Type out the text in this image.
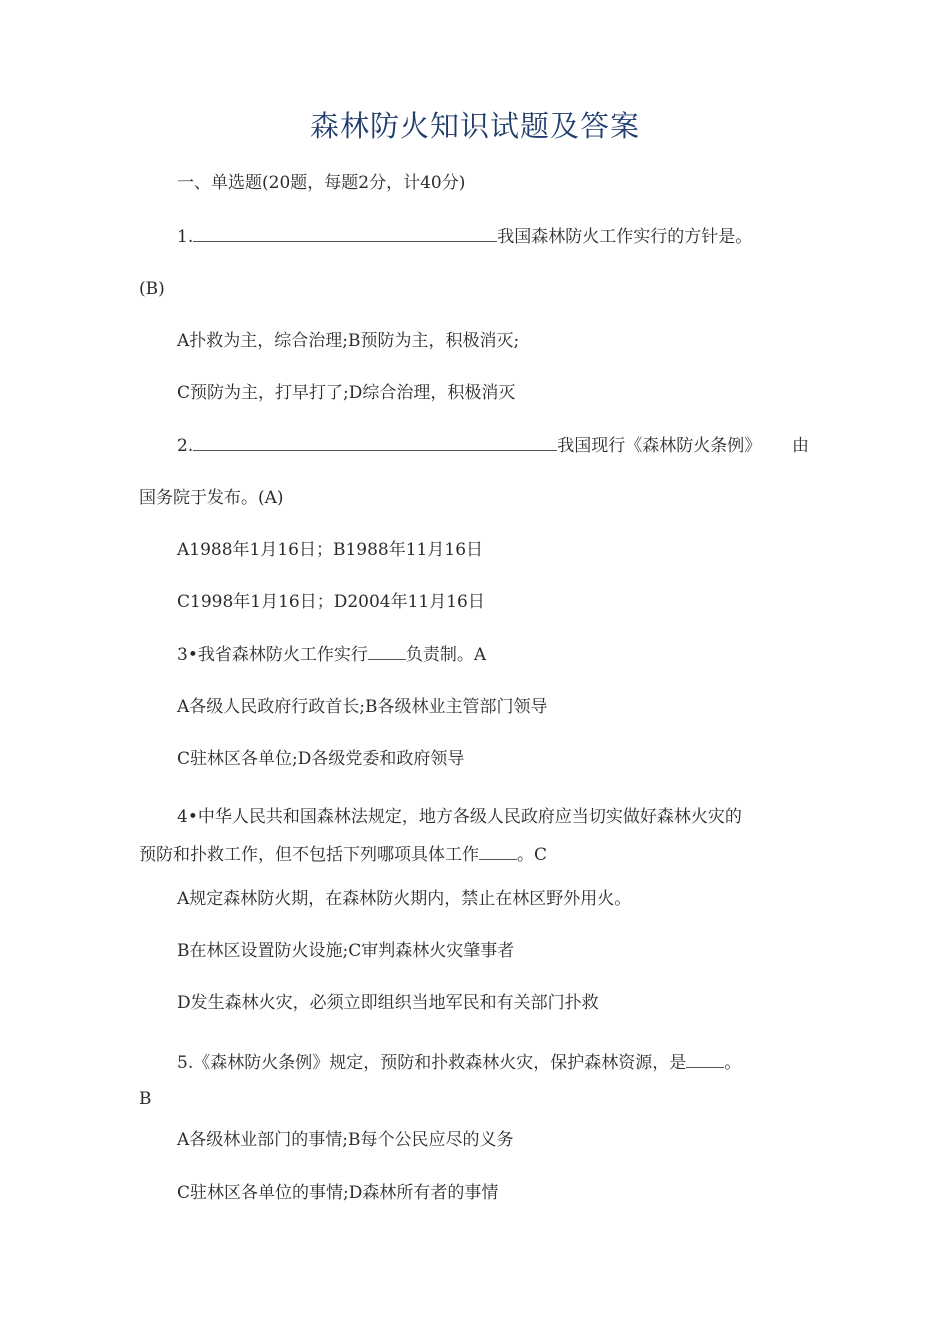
森林防火知识试题及答案
一、单选题(20题，每题2分，计40分)
1.	我国森林防火工作实行的方针是。
(B)
A扑救为主，综合治理;B预防为主，积极消灭;
C预防为主，打早打了;D综合治理，积极消灭
2.	我国现行《森林防火条例》 由
国务院于发布。(A)
A1988年1月16日；B1988年11月16日
C1998年1月16日；D2004年11月16日
3•我省森林防火工作实行 负责制。A
A各级人民政府行政首长;B各级林业主管部门领导
C驻林区各单位;D各级党委和政府领导
4•中华人民共和国森林法规定，地方各级人民政府应当切实做好森林火灾的
预防和扑救工作，但不包括下列哪项具体工作 。C
A规定森林防火期，在森林防火期内，禁止在林区野外用火。
B在林区设置防火设施;C审判森林火灾肇事者
D发生森林火灾，必须立即组织当地军民和有关部门扑救
5.《森林防火条例》规定，预防和扑救森林火灾，保护森林资源，是 。
B
A各级林业部门的事情;B每个公民应尽的义务
C驻林区各单位的事情;D森林所有者的事情
